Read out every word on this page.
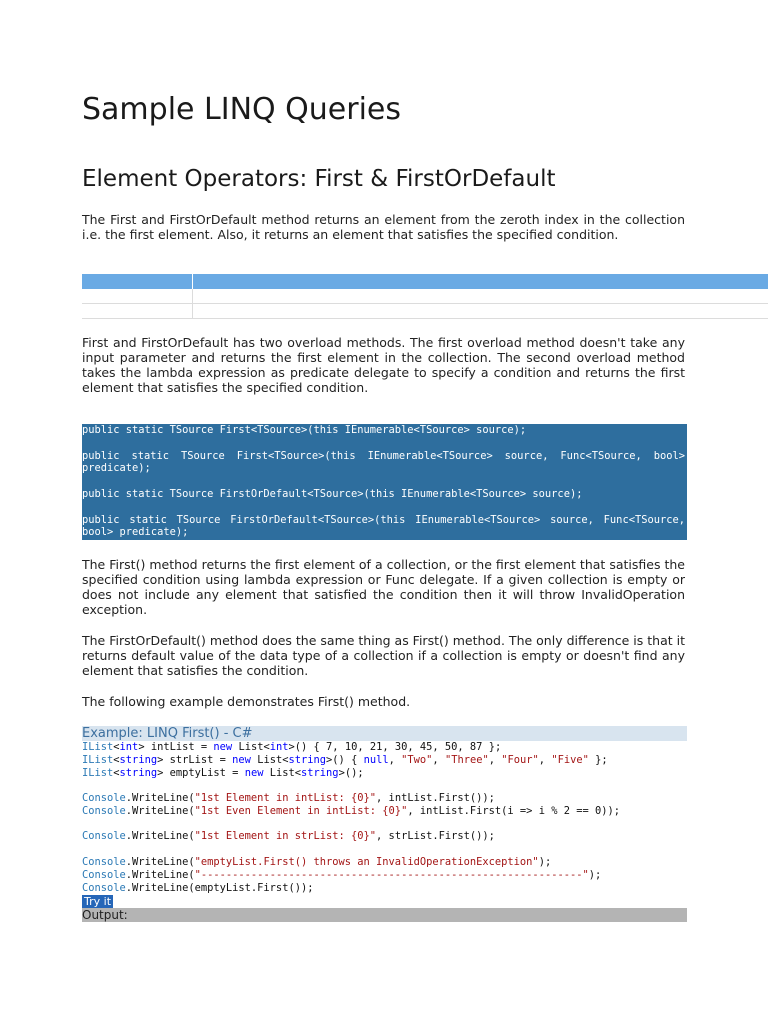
Sample LINQ Queries
Element Operators: First & FirstOrDefault
The First and FirstOrDefault method returns an element from the zeroth index in the collection i.e. the first element. Also, it returns an element that satisfies the specified condition.
First and FirstOrDefault has two overload methods. The first overload method doesn't take any input parameter and returns the first element in the collection. The second overload method takes the lambda expression as predicate delegate to specify a condition and returns the first element that satisfies the specified condition.
public static TSource First<TSource>(this IEnumerable<TSource> source);
public static TSource First<TSource>(this IEnumerable<TSource> source, Func<TSource, bool> predicate);
public static TSource FirstOrDefault<TSource>(this IEnumerable<TSource> source);
public static TSource FirstOrDefault<TSource>(this IEnumerable<TSource> source, Func<TSource, bool> predicate);
The First() method returns the first element of a collection, or the first element that satisfies the specified condition using lambda expression or Func delegate. If a given collection is empty or does not include any element that satisfied the condition then it will throw InvalidOperation exception.
The FirstOrDefault() method does the same thing as First() method. The only difference is that it returns default value of the data type of a collection if a collection is empty or doesn't find any element that satisfies the condition.
The following example demonstrates First() method.
Example: LINQ First() - C#
IList<int> intList = new List<int>() { 7, 10, 21, 30, 45, 50, 87 };
IList<string> strList = new List<string>() { null, "Two", "Three", "Four", "Five" };
IList<string> emptyList = new List<string>();
Console.WriteLine("1st Element in intList: {0}", intList.First());
Console.WriteLine("1st Even Element in intList: {0}", intList.First(i => i % 2 == 0));
Console.WriteLine("1st Element in strList: {0}", strList.First());
Console.WriteLine("emptyList.First() throws an InvalidOperationException");
Console.WriteLine("-------------------------------------------------------------");
Console.WriteLine(emptyList.First());
Try it
Output:
